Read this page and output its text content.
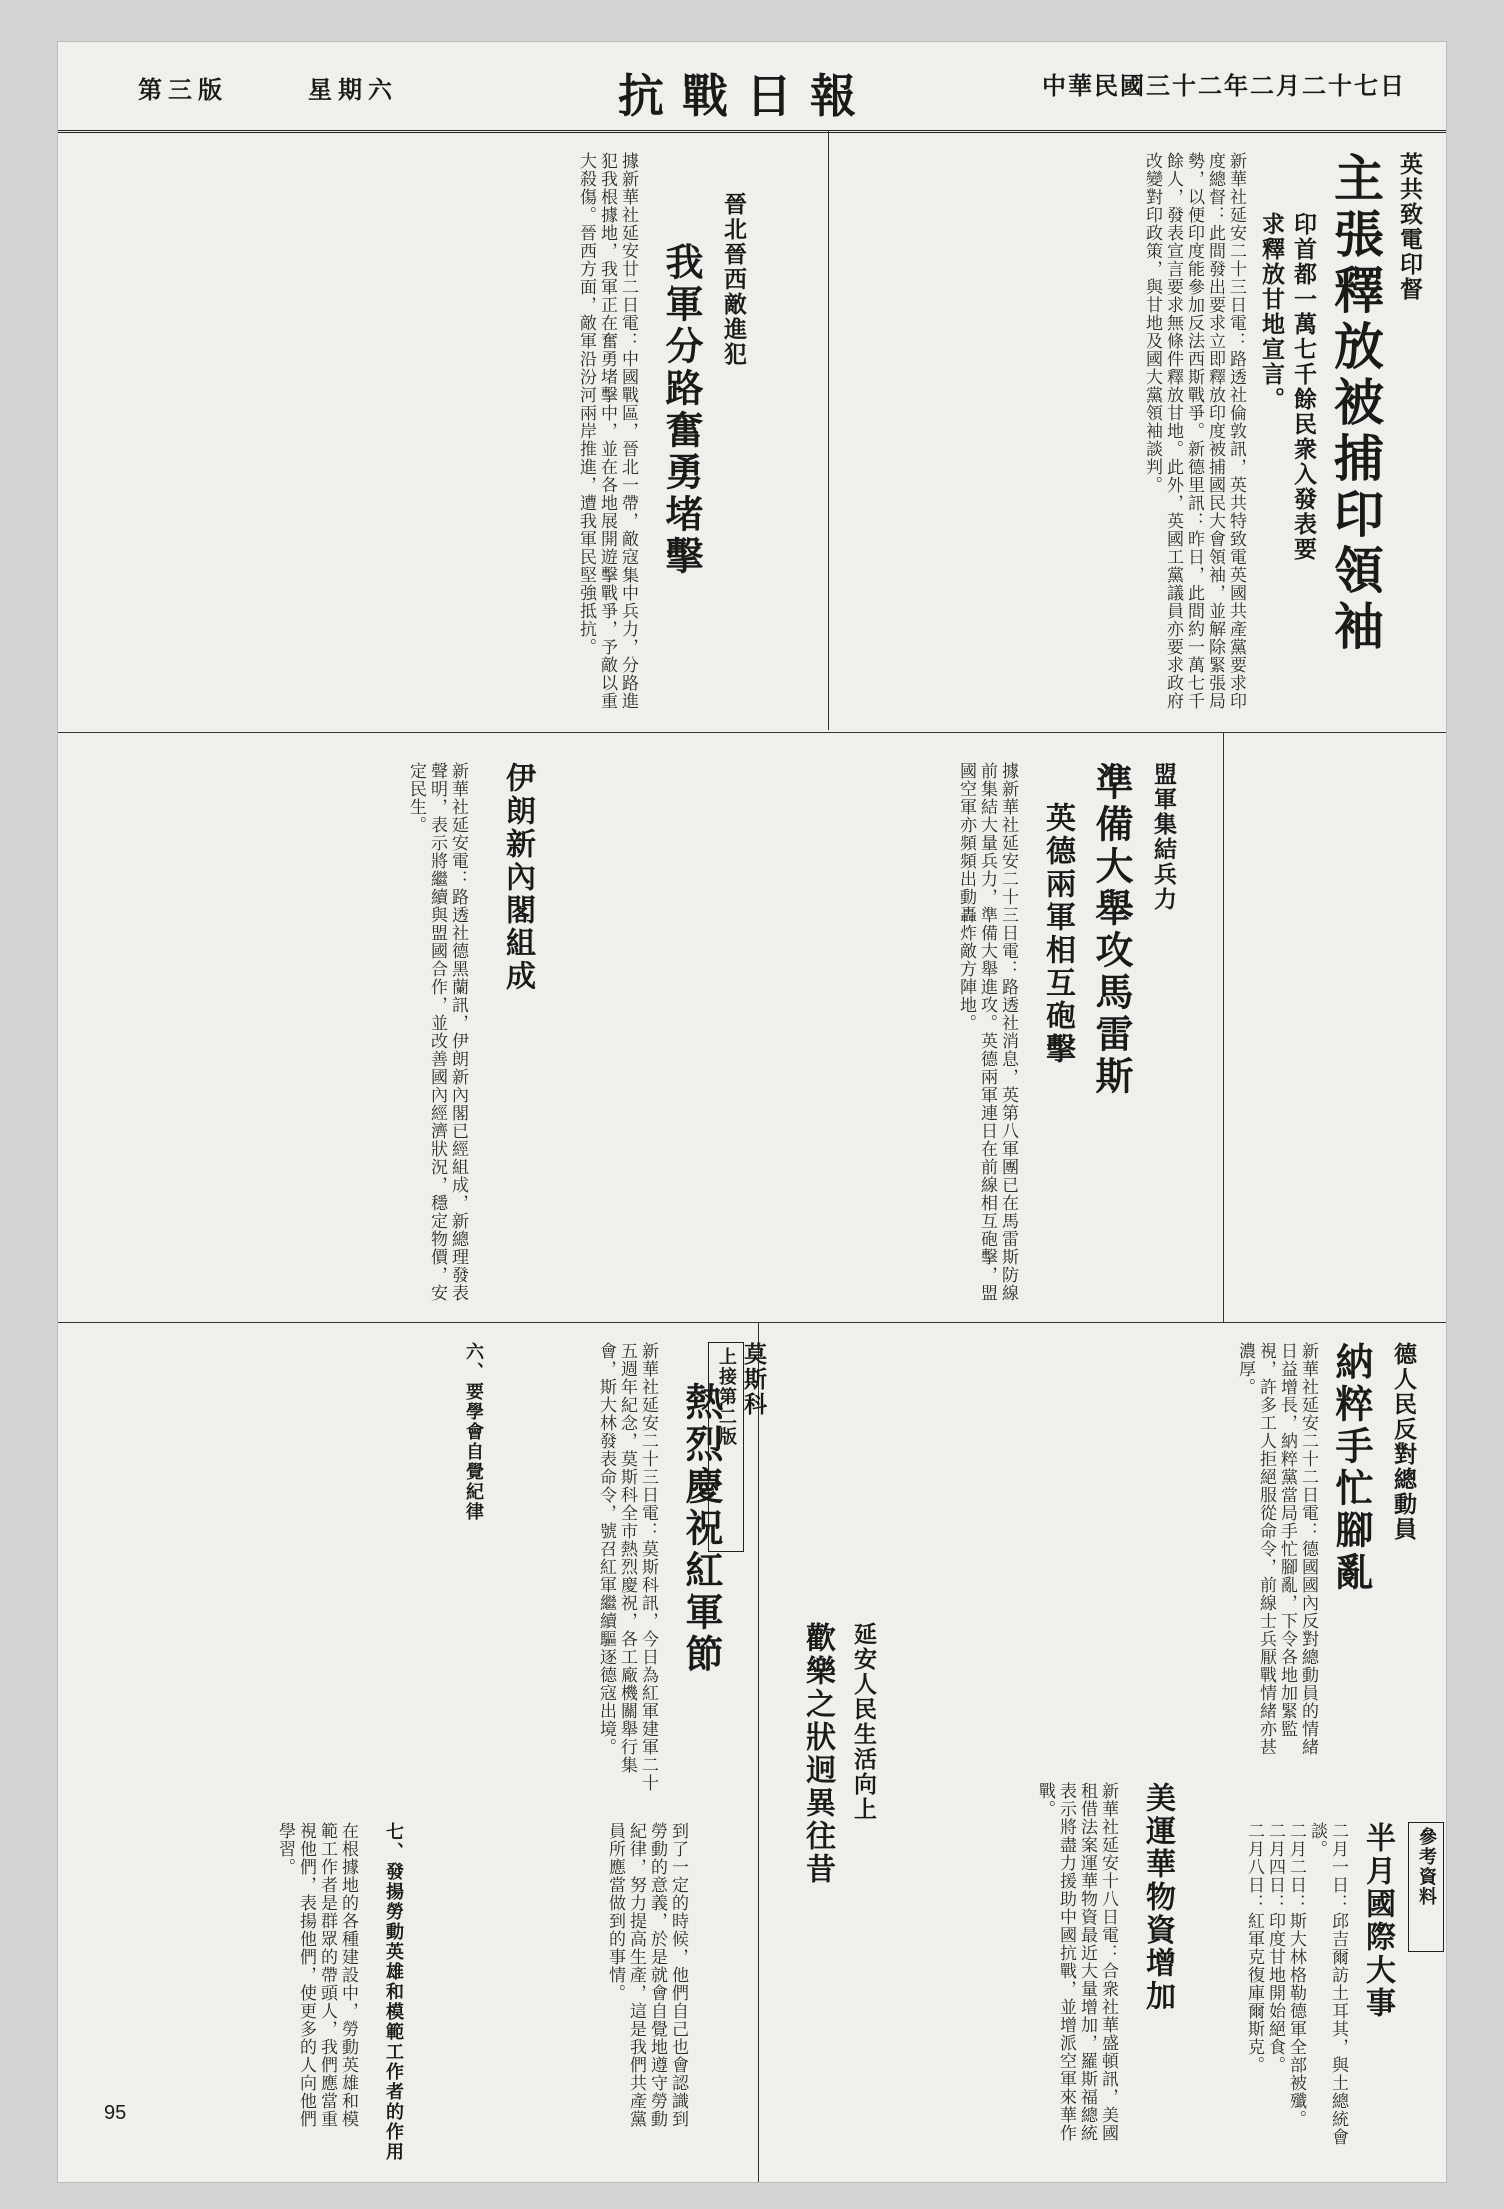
第三版	星期六	抗戰日報	中華民國三十二年二月二十七日
英共致電印督
主張釋放被捕印領袖
印首都一萬七千餘民衆入發表要
求釋放甘地宣言。
新華社延安二十三日電：路透社倫敦訊，英共特致電英國共產黨要求印度總督：此間發出要求立即釋放印度被捕國民大會領袖，並解除緊張局勢，以便印度能參加反法西斯戰爭。新德里訊：昨日，此間約一萬七千餘人，發表宣言要求無條件釋放甘地。此外，英國工黨議員亦要求政府改變對印政策，與甘地及國大黨領袖談判。
晉北晉西敵進犯
我軍分路奮勇堵擊
據新華社延安廿二日電：中國戰區，晉北一帶，敵寇集中兵力，分路進犯我根據地，我軍正在奮勇堵擊中，並在各地展開遊擊戰爭，予敵以重大殺傷。晉西方面，敵軍沿汾河兩岸推進，遭我軍民堅強抵抗。
盟軍集結兵力
準備大舉攻馬雷斯
英德兩軍相互砲擊
據新華社延安二十三日電：路透社消息，英第八軍團已在馬雷斯防線前集結大量兵力，準備大舉進攻。英德兩軍連日在前線相互砲擊，盟國空軍亦頻頻出動轟炸敵方陣地。
伊朗新內閣組成
新華社延安電：路透社德黑蘭訊，伊朗新內閣已經組成，新總理發表聲明，表示將繼續與盟國合作，並改善國內經濟狀況，穩定物價，安定民生。
德人民反對總動員
納粹手忙腳亂
新華社延安二十二日電：德國國內反對總動員的情緒日益增長，納粹黨當局手忙腳亂，下令各地加緊監視，許多工人拒絕服從命令，前線士兵厭戰情緒亦甚濃厚。
莫斯科
熱烈慶祝紅軍節
新華社延安二十三日電：莫斯科訊，今日為紅軍建軍二十五週年紀念，莫斯科全市熱烈慶祝，各工廠機關舉行集會，斯大林發表命令，號召紅軍繼續驅逐德寇出境。
美運華物資增加
新華社延安十八日電：合衆社華盛頓訊，美國租借法案運華物資最近大量增加，羅斯福總統表示將盡力援助中國抗戰，並增派空軍來華作戰。
延安人民生活向上
歡樂之狀迥異往昔	參考資料
半月國際大事
二月一日：邱吉爾訪土耳其，與土總統會談。
二月二日：斯大林格勒德軍全部被殲。
二月四日：印度甘地開始絕食。
二月八日：紅軍克復庫爾斯克。
上接第二版
到了一定的時候，他們自己也會認識到勞動的意義，於是就會自覺地遵守勞動紀律，努力提高生產，這是我們共產黨員所應當做到的事情。
七、發揚勞動英雄和模範工作者的作用
在根據地的各種建設中，勞動英雄和模範工作者是群眾的帶頭人，我們應當重視他們，表揚他們，使更多的人向他們學習。
六、要學會自覺紀律
95
